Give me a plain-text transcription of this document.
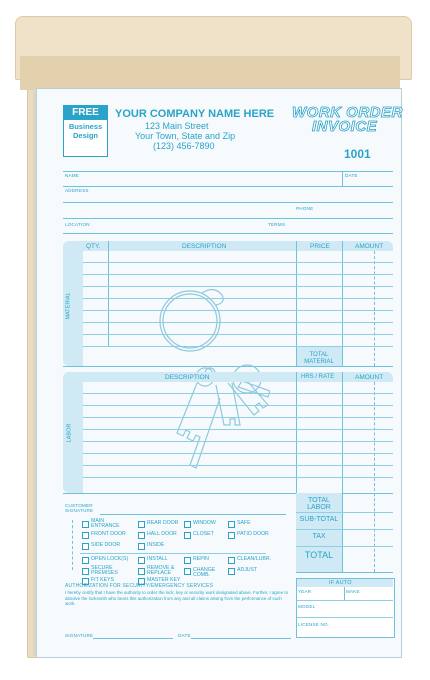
FREE
Business
Design
YOUR COMPANY NAME HERE
123 Main Street
Your Town, State and Zip
(123) 456-7890
WORK ORDER
INVOICE
1001
NAME	DATE
ADDRESS
PHONE
LOCATION	TERMS
QTY.	DESCRIPTION	PRICE	AMOUNT
MATERIAL
TOTAL MATERIAL
DESCRIPTION	HRS / RATE	AMOUNT
LABOR
TOTAL LABOR
SUB-TOTAL
TAX
TOTAL
CUSTOMER SIGNATURE
MAIN ENTRANCE
REAR DOOR	WINDOW	SAFE
FRONT DOOR	HALL DOOR	CLOSET	PATIO DOOR
SIDE DOOR	INSIDE
OPEN LOCK(S)	INSTALL	REPIN	CLEAN/LUBR.
SECURE PREMISES
REMOVE & REPLACE
CHANGE COMB.
ADJUST
FIT KEYS	MASTER KEY
AUTHORIZATION FOR SECURITY/EMERGENCY SERVICES
I hereby certify that I have the authority to order the lock, key or security work designated above. Further, I agree to absolve the locksmith who bears this authorization from any and all claims arising from the performance of such work.
SIGNATURE	DATE
IF AUTO
YEAR	MAKE
MODEL
LICENSE NO.
